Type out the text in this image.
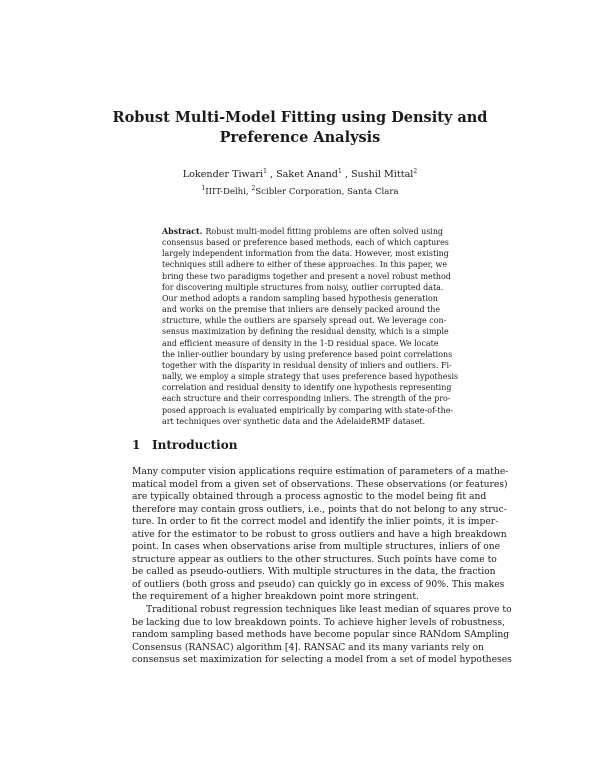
Robust Multi-Model Fitting using Density and
Preference Analysis
Lokender Tiwari$^1$ , Saket Anand$^1$ , Sushil Mittal$^2$
$^1$IIIT-Delhi, $^2$Scibler Corporation, Santa Clara
Abstract. Robust multi-model fitting problems are often solved using
consensus based or preference based methods, each of which captures
largely independent information from the data. However, most existing
techniques still adhere to either of these approaches. In this paper, we
bring these two paradigms together and present a novel robust method
for discovering multiple structures from noisy, outlier corrupted data.
Our method adopts a random sampling based hypothesis generation
and works on the premise that inliers are densely packed around the
structure, while the outliers are sparsely spread out. We leverage con-
sensus maximization by defining the residual density, which is a simple
and efficient measure of density in the 1-D residual space. We locate
the inlier-outlier boundary by using preference based point correlations
together with the disparity in residual density of inliers and outliers. Fi-
nally, we employ a simple strategy that uses preference based hypothesis
correlation and residual density to identify one hypothesis representing
each structure and their corresponding inliers. The strength of the pro-
posed approach is evaluated empirically by comparing with state-of-the-
art techniques over synthetic data and the AdelaideRMF dataset.
1 Introduction
Many computer vision applications require estimation of parameters of a mathe-
matical model from a given set of observations. These observations (or features)
are typically obtained through a process agnostic to the model being fit and
therefore may contain gross outliers, i.e., points that do not belong to any struc-
ture. In order to fit the correct model and identify the inlier points, it is imper-
ative for the estimator to be robust to gross outliers and have a high breakdown
point. In cases when observations arise from multiple structures, inliers of one
structure appear as outliers to the other structures. Such points have come to
be called as pseudo-outliers. With multiple structures in the data, the fraction
of outliers (both gross and pseudo) can quickly go in excess of 90%. This makes
the requirement of a higher breakdown point more stringent.
Traditional robust regression techniques like least median of squares prove to
be lacking due to low breakdown points. To achieve higher levels of robustness,
random sampling based methods have become popular since RANdom SAmpling
Consensus (RANSAC) algorithm [4]. RANSAC and its many variants rely on
consensus set maximization for selecting a model from a set of model hypotheses
